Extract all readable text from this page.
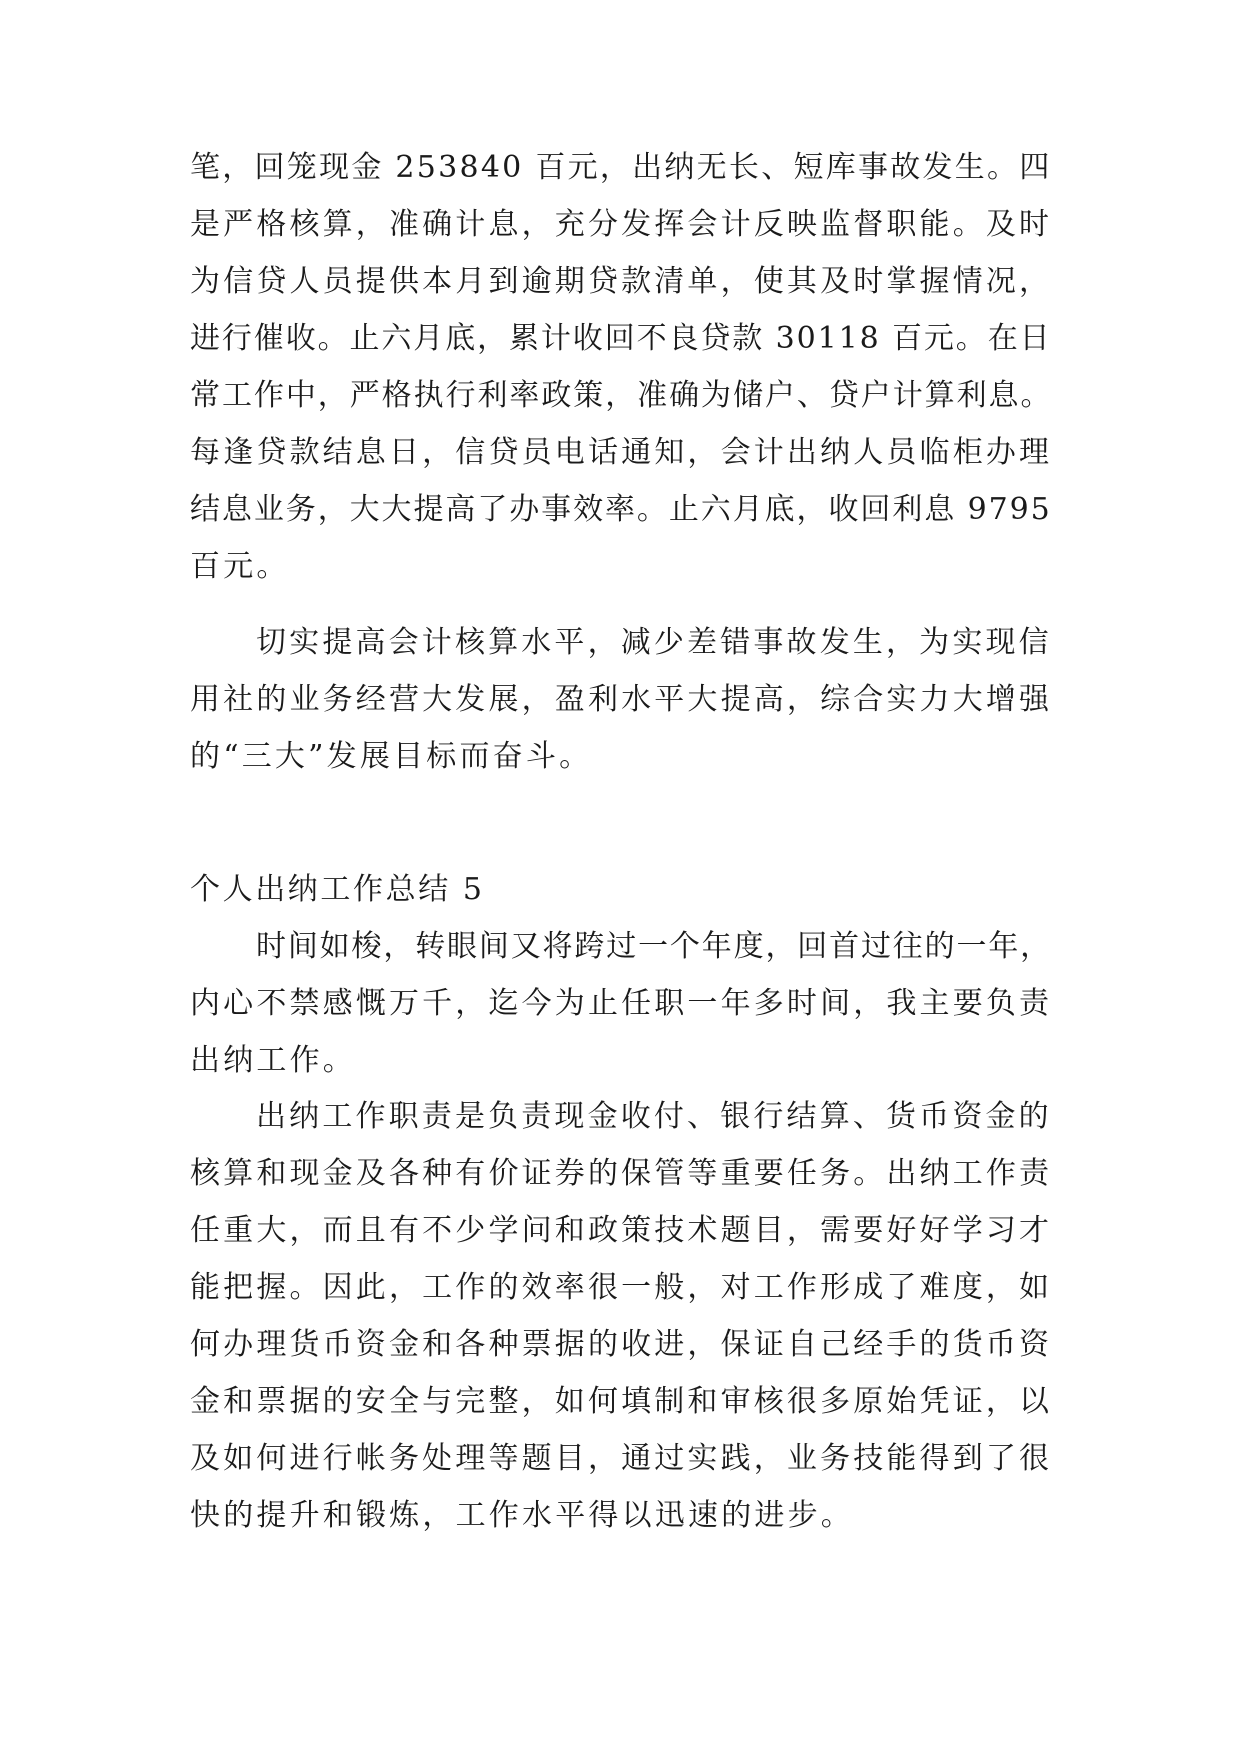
笔，回笼现金 253840 百元，出纳无长、短库事故发生。四
是严格核算，准确计息，充分发挥会计反映监督职能。及时
为信贷人员提供本月到逾期贷款清单，使其及时掌握情况，
进行催收。止六月底，累计收回不良贷款 30118 百元。在日
常工作中，严格执行利率政策，准确为储户、贷户计算利息。
每逢贷款结息日，信贷员电话通知，会计出纳人员临柜办理
结息业务，大大提高了办事效率。止六月底，收回利息 9795
百元。
切实提高会计核算水平，减少差错事故发生，为实现信
用社的业务经营大发展，盈利水平大提高，综合实力大增强
的“三大”发展目标而奋斗。
个人出纳工作总结 5
时间如梭，转眼间又将跨过一个年度，回首过往的一年，
内心不禁感慨万千，迄今为止任职一年多时间，我主要负责
出纳工作。
出纳工作职责是负责现金收付、银行结算、货币资金的
核算和现金及各种有价证券的保管等重要任务。出纳工作责
任重大，而且有不少学问和政策技术题目，需要好好学习才
能把握。因此，工作的效率很一般，对工作形成了难度，如
何办理货币资金和各种票据的收进，保证自己经手的货币资
金和票据的安全与完整，如何填制和审核很多原始凭证，以
及如何进行帐务处理等题目，通过实践，业务技能得到了很
快的提升和锻炼，工作水平得以迅速的进步。
